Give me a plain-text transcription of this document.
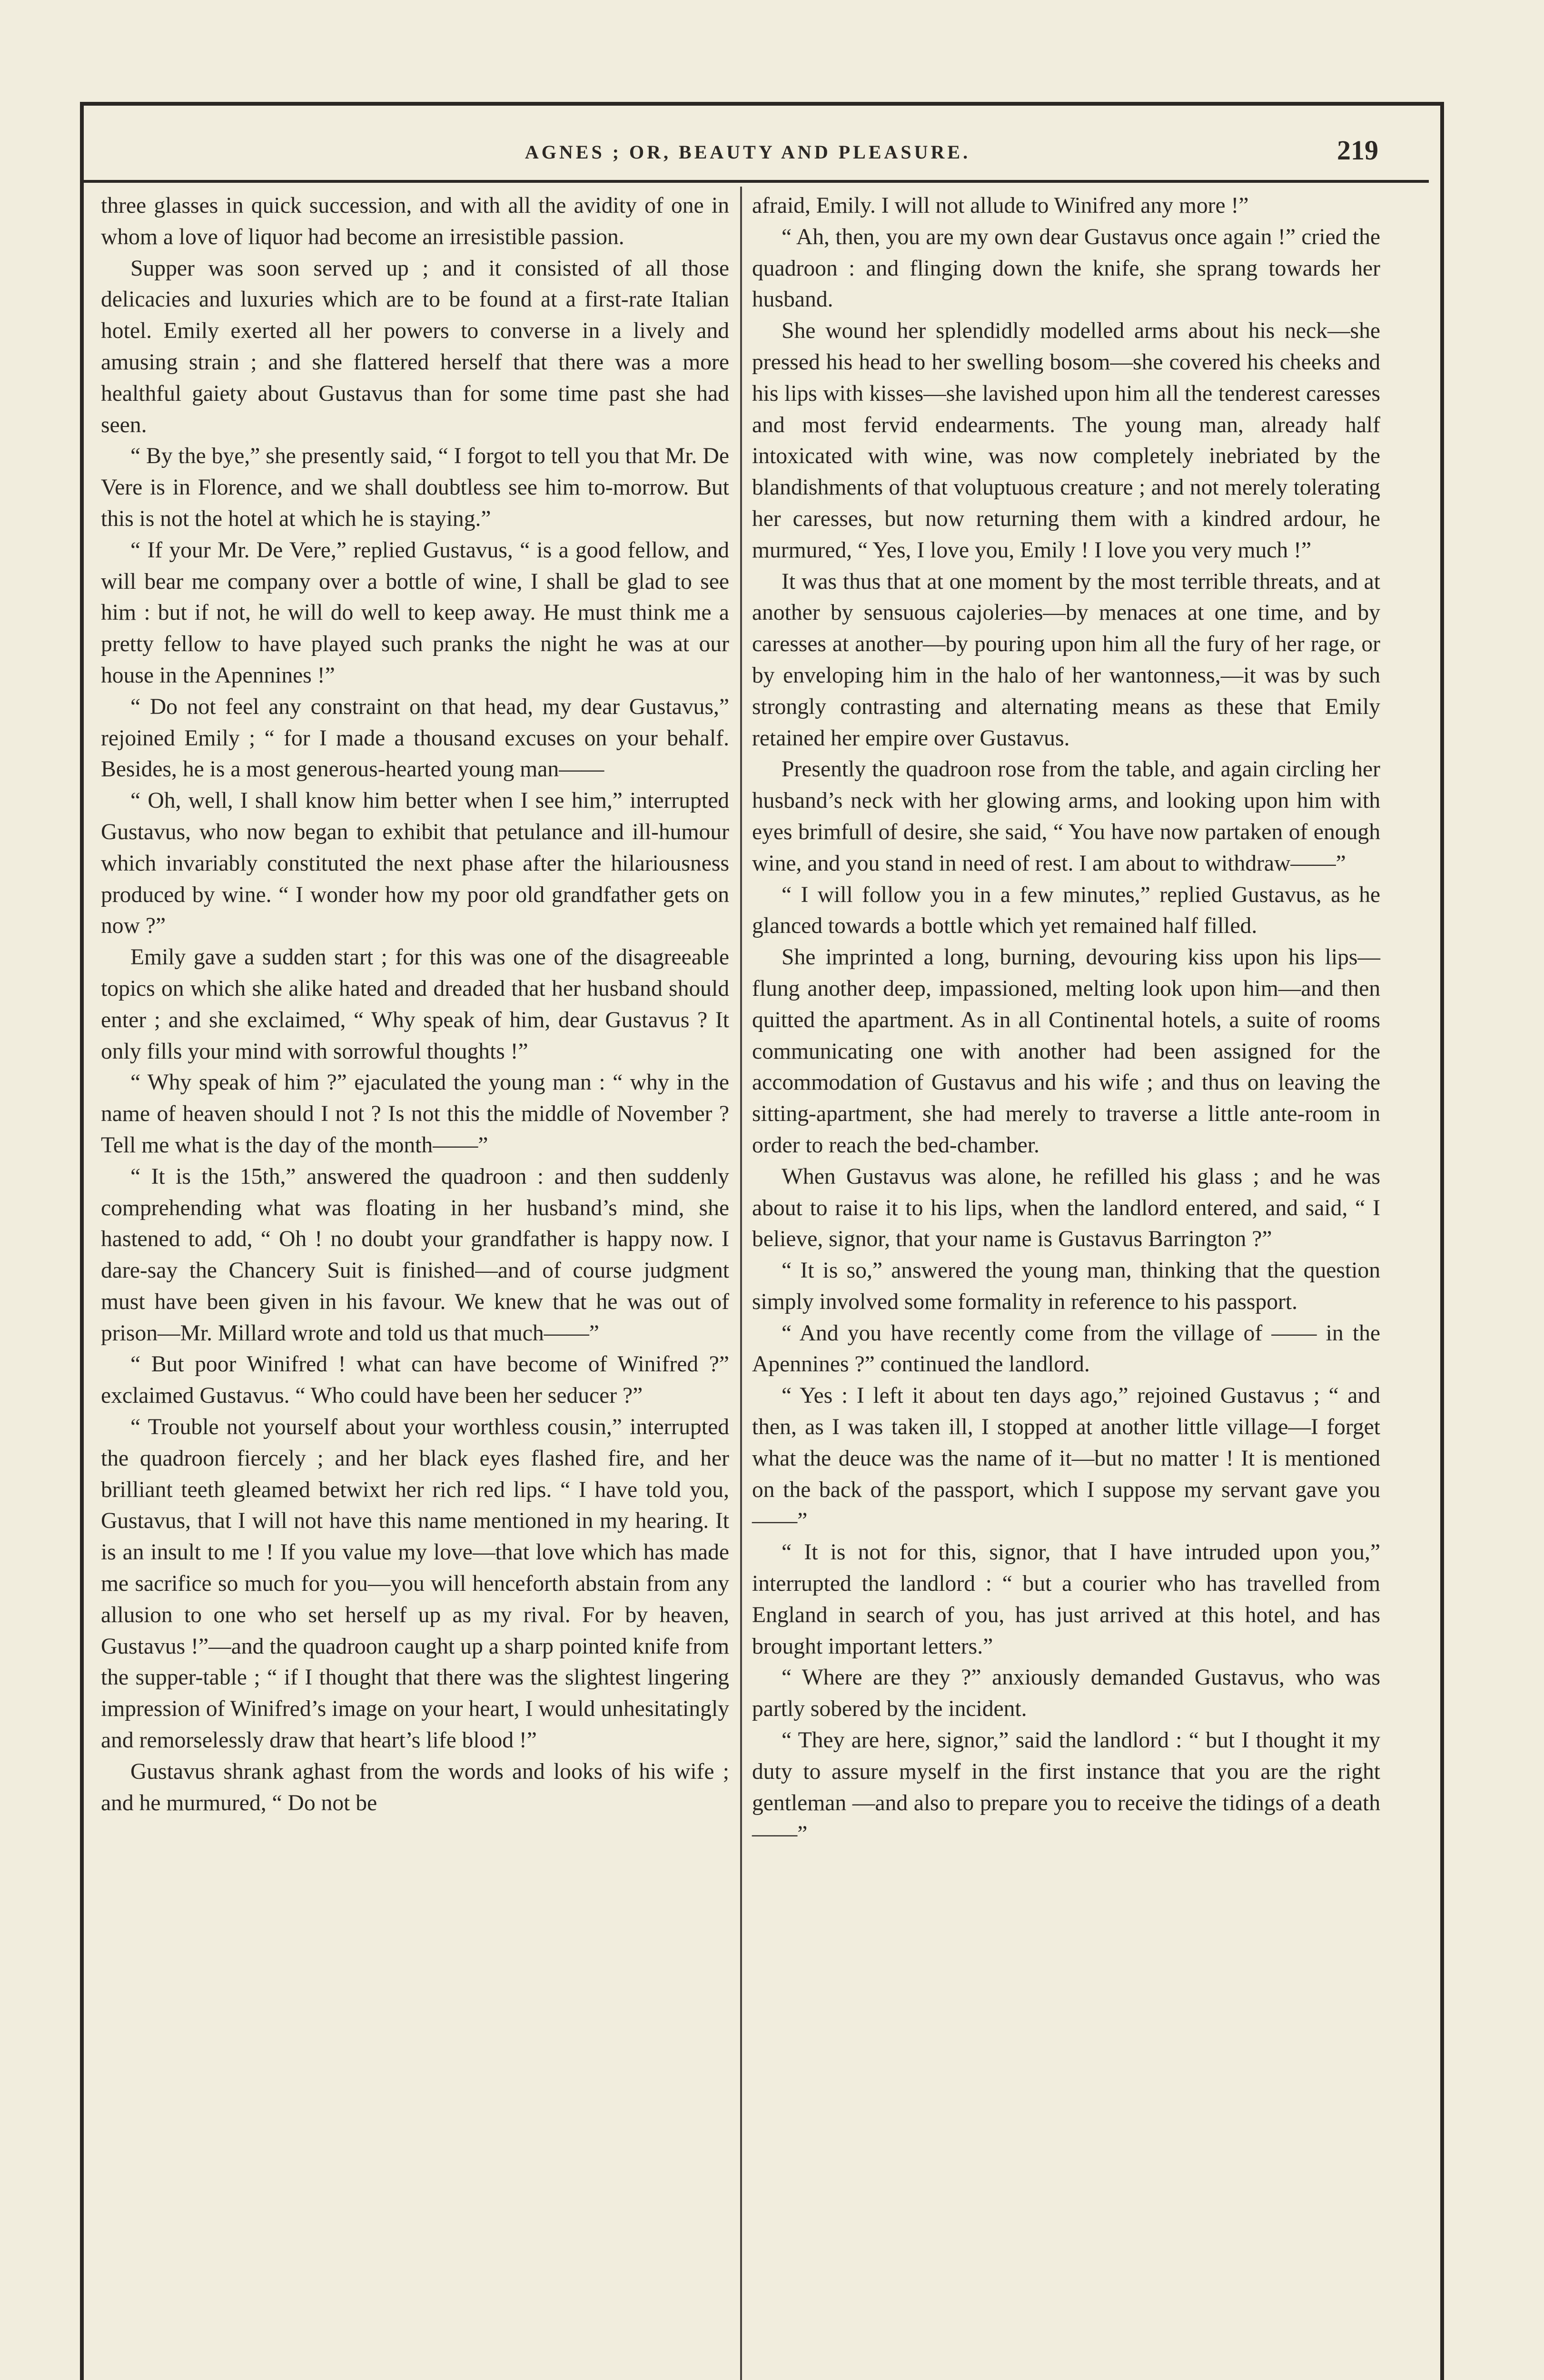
AGNES ; OR, BEAUTY AND PLEASURE.	219

three glasses in quick succession, and with all the avidity of one in whom a love of liquor had become an irresistible passion.

Supper was soon served up ; and it consisted of all those delicacies and luxuries which are to be found at a first-rate Italian hotel. Emily exerted all her powers to converse in a lively and amusing strain ; and she flattered herself that there was a more healthful gaiety about Gustavus than for some time past she had seen.

“ By the bye,” she presently said, “ I forgot to tell you that Mr. De Vere is in Florence, and we shall doubtless see him to-morrow. But this is not the hotel at which he is staying.”

“ If your Mr. De Vere,” replied Gustavus, “ is a good fellow, and will bear me company over a bottle of wine, I shall be glad to see him : but if not, he will do well to keep away. He must think me a pretty fellow to have played such pranks the night he was at our house in the Apennines !”

“ Do not feel any constraint on that head, my dear Gustavus,” rejoined Emily ; “ for I made a thousand excuses on your behalf. Besides, he is a most generous-hearted young man——

“ Oh, well, I shall know him better when I see him,” interrupted Gustavus, who now began to exhibit that petulance and ill-humour which invariably constituted the next phase after the hilariousness produced by wine. “ I wonder how my poor old grandfather gets on now ?”

Emily gave a sudden start ; for this was one of the disagreeable topics on which she alike hated and dreaded that her husband should enter ; and she exclaimed, “ Why speak of him, dear Gustavus ? It only fills your mind with sorrowful thoughts !”

“ Why speak of him ?” ejaculated the young man : “ why in the name of heaven should I not ? Is not this the middle of November ? Tell me what is the day of the month——”

“ It is the 15th,” answered the quadroon : and then suddenly comprehending what was floating in her husband’s mind, she hastened to add, “ Oh ! no doubt your grandfather is happy now. I dare-say the Chancery Suit is finished—and of course judgment must have been given in his favour. We knew that he was out of prison—Mr. Millard wrote and told us that much——”

“ But poor Winifred ! what can have become of Winifred ?” exclaimed Gustavus. “ Who could have been her seducer ?”

“ Trouble not yourself about your worthless cousin,” interrupted the quadroon fiercely ; and her black eyes flashed fire, and her brilliant teeth gleamed betwixt her rich red lips. “ I have told you, Gustavus, that I will not have this name mentioned in my hearing. It is an insult to me ! If you value my love—that love which has made me sacrifice so much for you—you will henceforth abstain from any allusion to one who set herself up as my rival. For by heaven, Gustavus !”—and the quadroon caught up a sharp pointed knife from the supper-table ; “ if I thought that there was the slightest lingering impression of Winifred’s image on your heart, I would unhesitatingly and remorselessly draw that heart’s life blood !”

Gustavus shrank aghast from the words and looks of his wife ; and he murmured, “ Do not be

afraid, Emily. I will not allude to Winifred any more !”

“ Ah, then, you are my own dear Gustavus once again !” cried the quadroon : and flinging down the knife, she sprang towards her husband.

She wound her splendidly modelled arms about his neck—she pressed his head to her swelling bosom—she covered his cheeks and his lips with kisses—she lavished upon him all the tenderest caresses and most fervid endearments. The young man, already half intoxicated with wine, was now completely inebriated by the blandishments of that voluptuous creature ; and not merely tolerating her caresses, but now returning them with a kindred ardour, he murmured, “ Yes, I love you, Emily ! I love you very much !”

It was thus that at one moment by the most terrible threats, and at another by sensuous cajoleries—by menaces at one time, and by caresses at another—by pouring upon him all the fury of her rage, or by enveloping him in the halo of her wantonness,—it was by such strongly contrasting and alternating means as these that Emily retained her empire over Gustavus.

Presently the quadroon rose from the table, and again circling her husband’s neck with her glowing arms, and looking upon him with eyes brimfull of desire, she said, “ You have now partaken of enough wine, and you stand in need of rest. I am about to withdraw——”

“ I will follow you in a few minutes,” replied Gustavus, as he glanced towards a bottle which yet remained half filled.

She imprinted a long, burning, devouring kiss upon his lips—flung another deep, impassioned, melting look upon him—and then quitted the apartment. As in all Continental hotels, a suite of rooms communicating one with another had been assigned for the accommodation of Gustavus and his wife ; and thus on leaving the sitting-apartment, she had merely to traverse a little ante-room in order to reach the bed-chamber.

When Gustavus was alone, he refilled his glass ; and he was about to raise it to his lips, when the landlord entered, and said, “ I believe, signor, that your name is Gustavus Barrington ?”

“ It is so,” answered the young man, thinking that the question simply involved some formality in reference to his passport.

“ And you have recently come from the village of —— in the Apennines ?” continued the landlord.

“ Yes : I left it about ten days ago,” rejoined Gustavus ; “ and then, as I was taken ill, I stopped at another little village—I forget what the deuce was the name of it—but no matter ! It is mentioned on the back of the passport, which I suppose my servant gave you——”

“ It is not for this, signor, that I have intruded upon you,” interrupted the landlord : “ but a courier who has travelled from England in search of you, has just arrived at this hotel, and has brought important letters.”

“ Where are they ?” anxiously demanded Gustavus, who was partly sobered by the incident.

“ They are here, signor,” said the landlord : “ but I thought it my duty to assure myself in the first instance that you are the right gentleman —and also to prepare you to receive the tidings of a death——”
